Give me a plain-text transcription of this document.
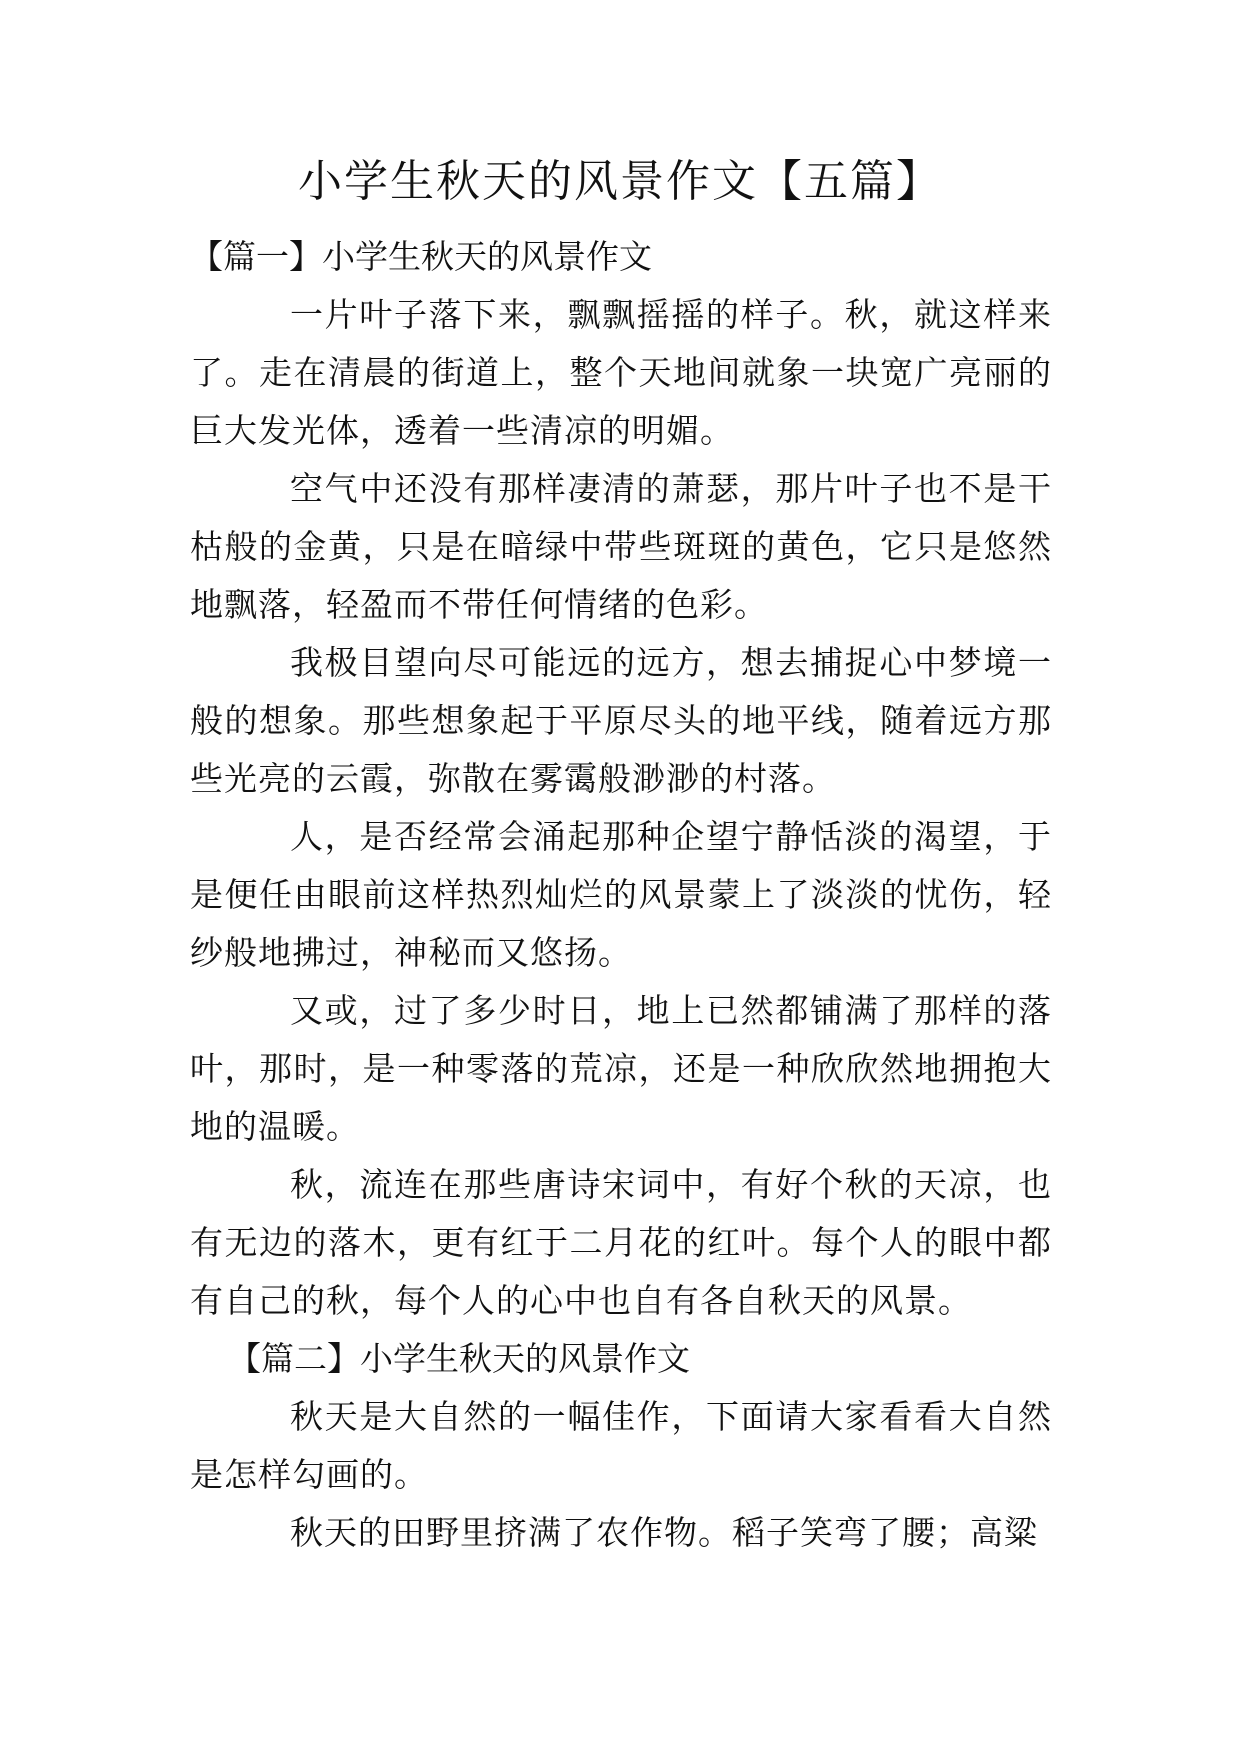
小学生秋天的风景作文【五篇】

【篇一】小学生秋天的风景作文

一片叶子落下来，飘飘摇摇的样子。秋，就这样来了。走在清晨的街道上，整个天地间就象一块宽广亮丽的巨大发光体，透着一些清凉的明媚。

空气中还没有那样凄清的萧瑟，那片叶子也不是干枯般的金黄，只是在暗绿中带些斑斑的黄色，它只是悠然地飘落，轻盈而不带任何情绪的色彩。

我极目望向尽可能远的远方，想去捕捉心中梦境一般的想象。那些想象起于平原尽头的地平线，随着远方那些光亮的云霞，弥散在雾霭般渺渺的村落。

人，是否经常会涌起那种企望宁静恬淡的渴望，于是便任由眼前这样热烈灿烂的风景蒙上了淡淡的忧伤，轻纱般地拂过，神秘而又悠扬。

又或，过了多少时日，地上已然都铺满了那样的落叶，那时，是一种零落的荒凉，还是一种欣欣然地拥抱大地的温暖。

秋，流连在那些唐诗宋词中，有好个秋的天凉，也有无边的落木，更有红于二月花的红叶。每个人的眼中都有自己的秋，每个人的心中也自有各自秋天的风景。

【篇二】小学生秋天的风景作文

秋天是大自然的一幅佳作，下面请大家看看大自然是怎样勾画的。

秋天的田野里挤满了农作物。稻子笑弯了腰；高粱
